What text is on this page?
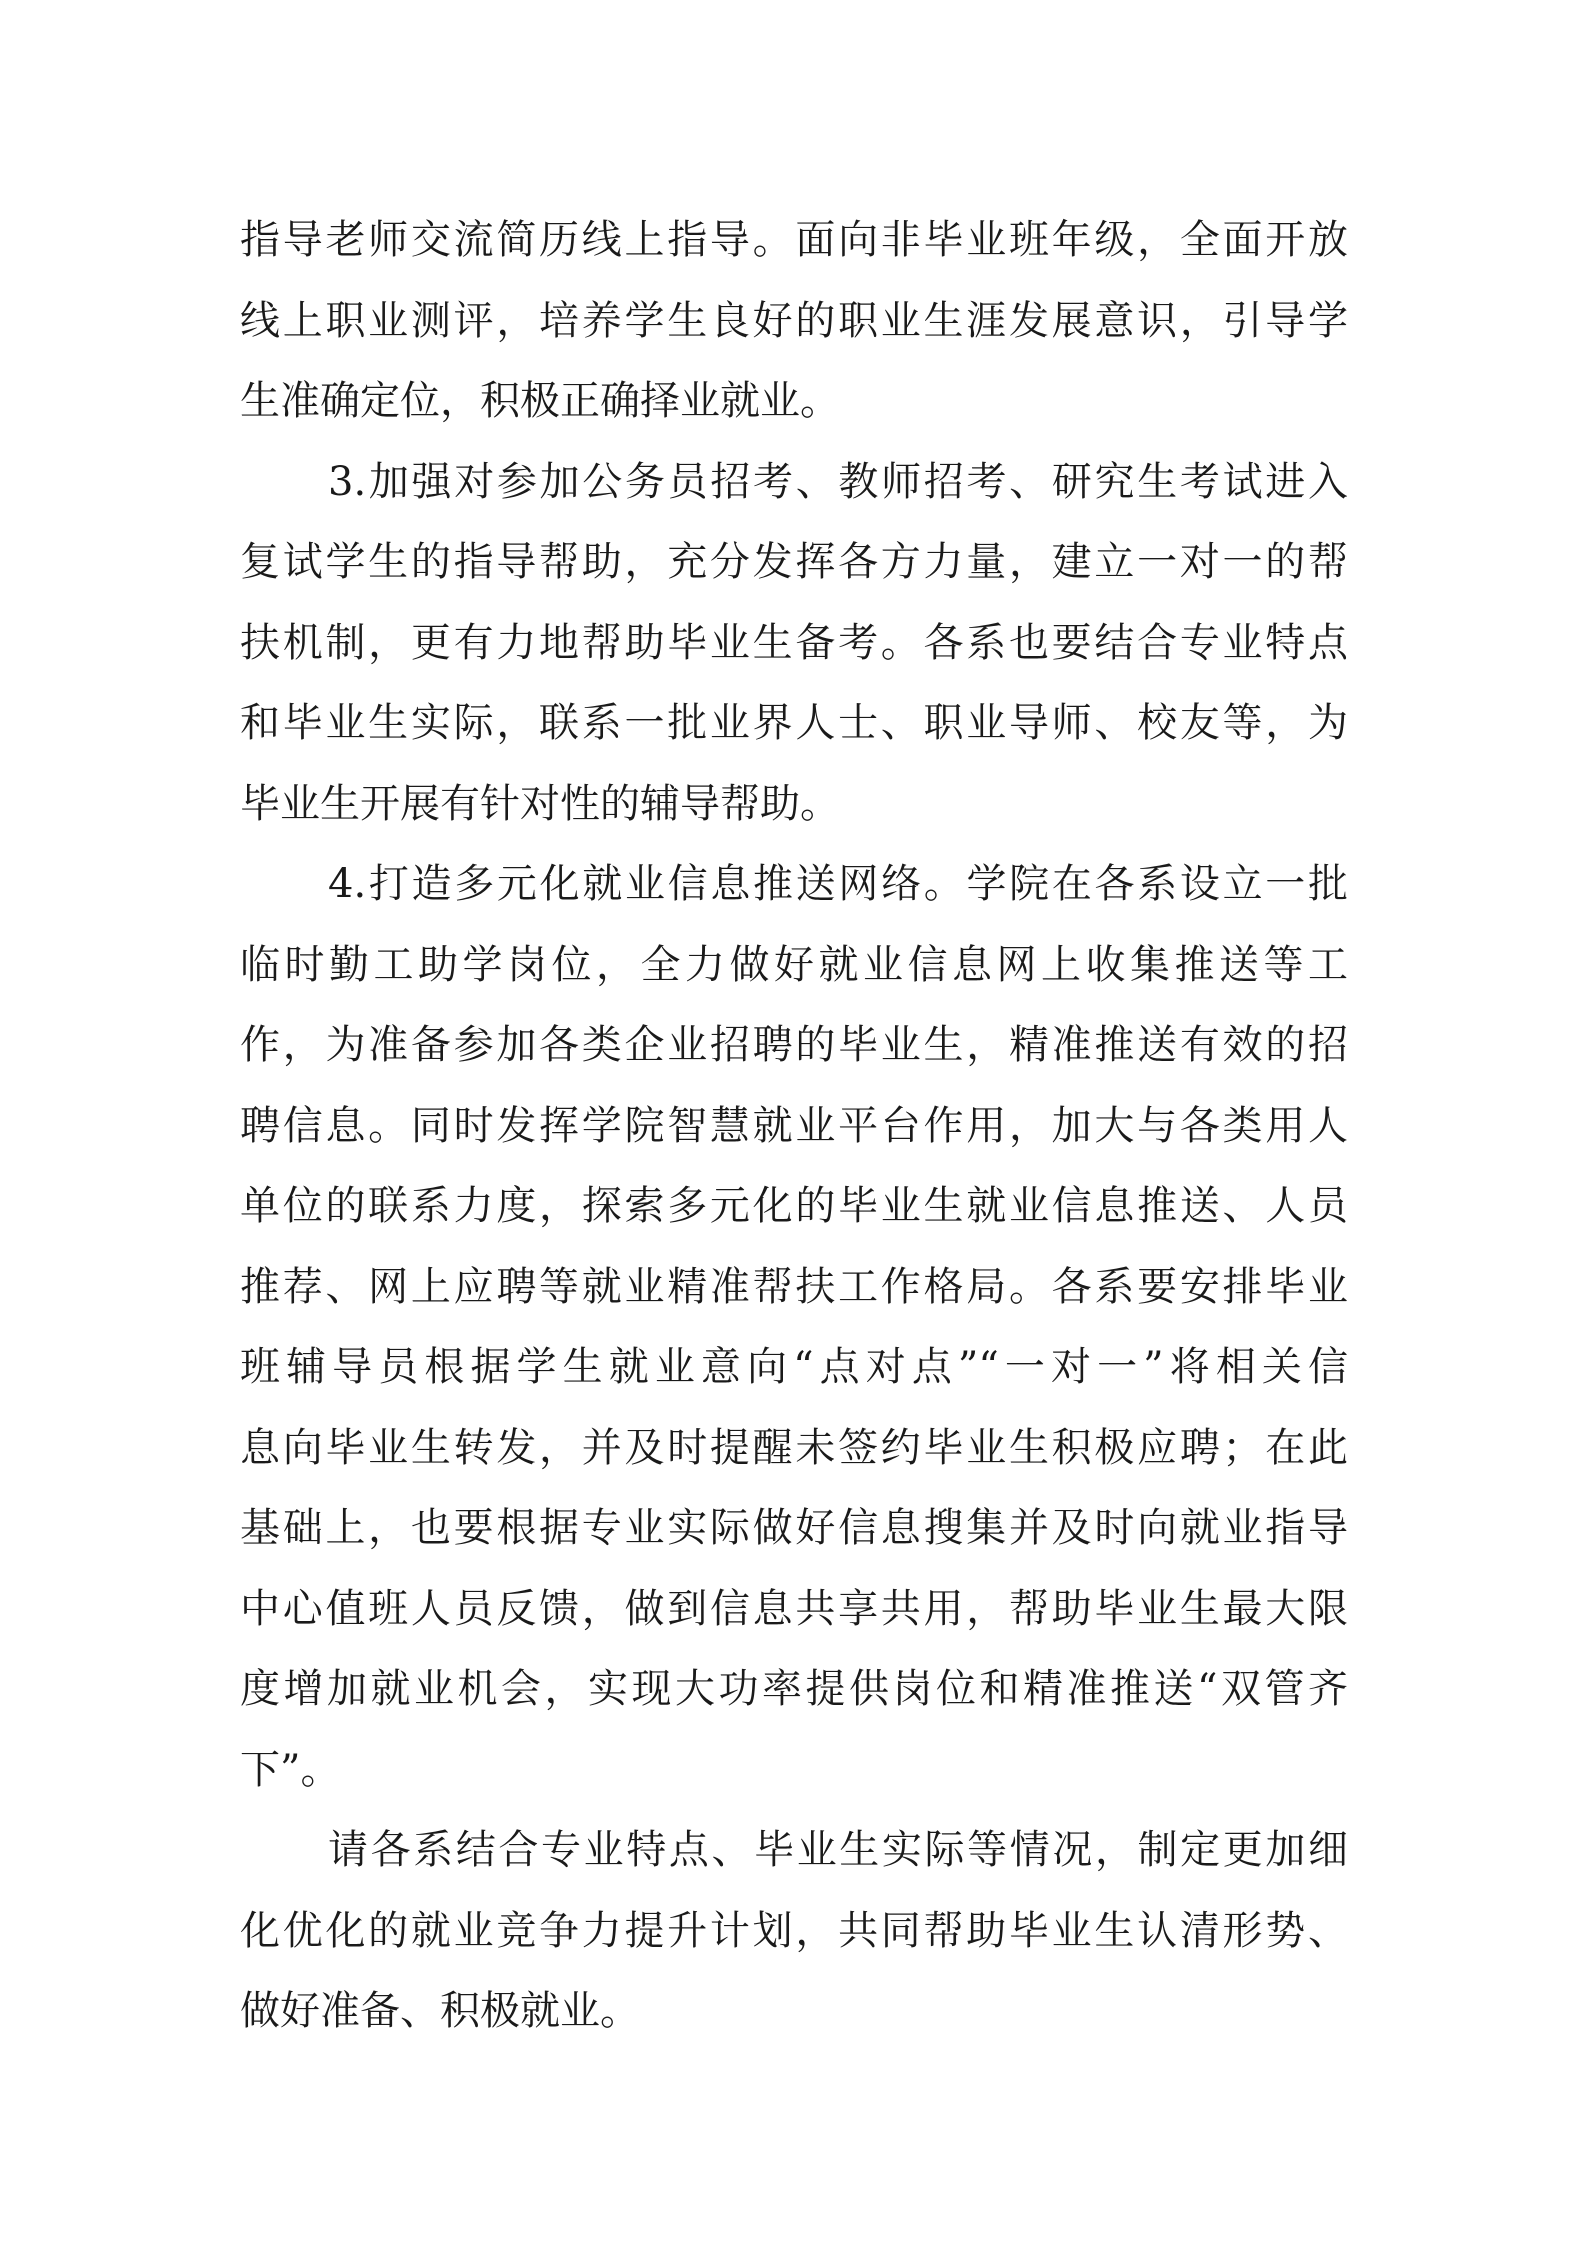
指导老师交流简历线上指导。面向非毕业班年级，全面开放
线上职业测评，培养学生良好的职业生涯发展意识，引导学
生准确定位，积极正确择业就业。
3.加强对参加公务员招考、教师招考、研究生考试进入
复试学生的指导帮助，充分发挥各方力量，建立一对一的帮
扶机制，更有力地帮助毕业生备考。各系也要结合专业特点
和毕业生实际，联系一批业界人士、职业导师、校友等，为
毕业生开展有针对性的辅导帮助。
4.打造多元化就业信息推送网络。学院在各系设立一批
临时勤工助学岗位，全力做好就业信息网上收集推送等工
作，为准备参加各类企业招聘的毕业生，精准推送有效的招
聘信息。同时发挥学院智慧就业平台作用，加大与各类用人
单位的联系力度，探索多元化的毕业生就业信息推送、人员
推荐、网上应聘等就业精准帮扶工作格局。各系要安排毕业
班辅导员根据学生就业意向“点对点”“一对一”将相关信
息向毕业生转发，并及时提醒未签约毕业生积极应聘；在此
基础上，也要根据专业实际做好信息搜集并及时向就业指导
中心值班人员反馈，做到信息共享共用，帮助毕业生最大限
度增加就业机会，实现大功率提供岗位和精准推送“双管齐
下”。
请各系结合专业特点、毕业生实际等情况，制定更加细
化优化的就业竞争力提升计划，共同帮助毕业生认清形势、
做好准备、积极就业。
